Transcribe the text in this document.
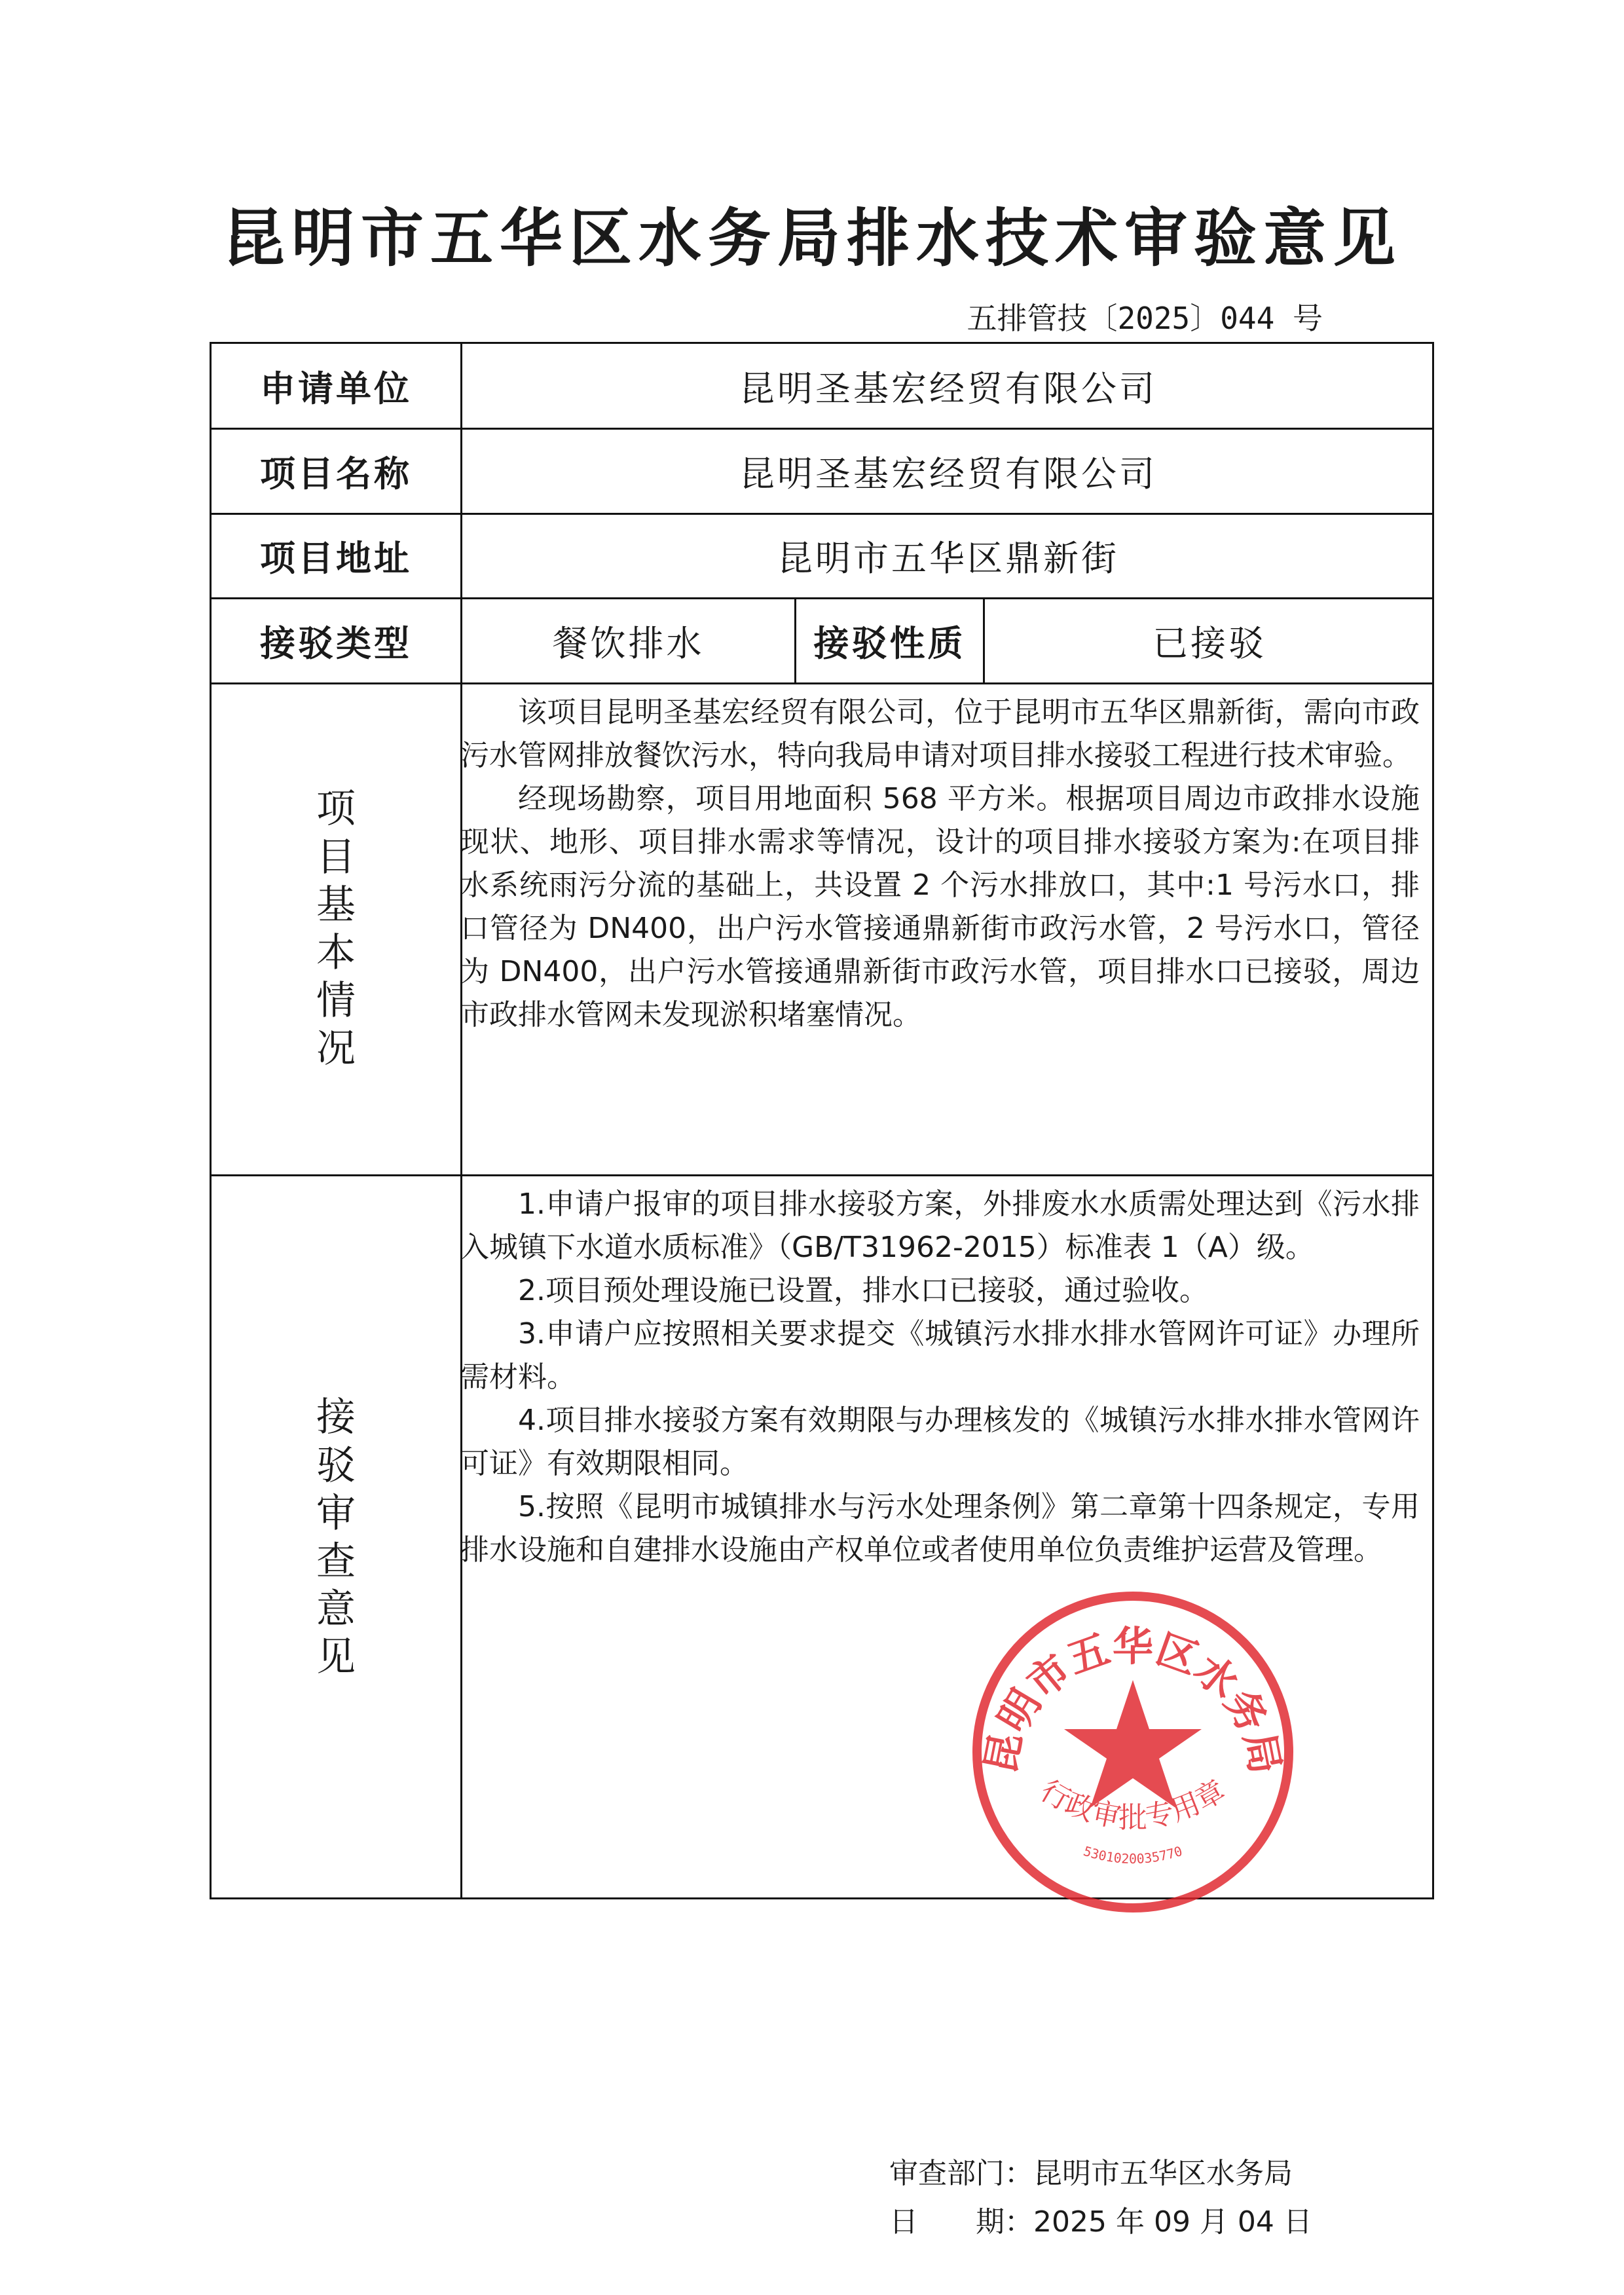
昆明市五华区水务局排水技术审验意见
五排管技〔2025〕044 号
申请单位	昆明圣基宏经贸有限公司
项目名称	昆明圣基宏经贸有限公司
项目地址	昆明市五华区鼎新街
接驳类型	餐饮排水	接驳性质	已接驳
项
目
基
本
情
况

该项目昆明圣基宏经贸有限公司，位于昆明市五华区鼎新街，需向市政污水管网排放餐饮污水，特向我局申请对项目排水接驳工程进行技术审验。

经现场勘察，项目用地面积 568 平方米。根据项目周边市政排水设施现状、地形、项目排水需求等情况，设计的项目排水接驳方案为:在项目排水系统雨污分流的基础上，共设置 2 个污水排放口，其中:1 号污水口，排口管径为 DN400，出户污水管接通鼎新街市政污水管，2 号污水口，管径为 DN400，出户污水管接通鼎新街市政污水管，项目排水口已接驳，周边市政排水管网未发现淤积堵塞情况。

接
驳
审
查
意
见

1.申请户报审的项目排水接驳方案，外排废水水质需处理达到《污水排入城镇下水道水质标准》（GB/T31962-2015）标准表 1（A）级。

2.项目预处理设施已设置，排水口已接驳，通过验收。

3.申请户应按照相关要求提交《城镇污水排水排水管网许可证》办理所需材料。

4.项目排水接驳方案有效期限与办理核发的《城镇污水排水排水管网许可证》有效期限相同。

5.按照《昆明市城镇排水与污水处理条例》第二章第十四条规定，专用排水设施和自建排水设施由产权单位或者使用单位负责维护运营及管理。

审查部门：昆明市五华区水务局
日　　期：2025 年 09 月 04 日
昆明市五华区水务局
行政审批专用章
5301020035770
